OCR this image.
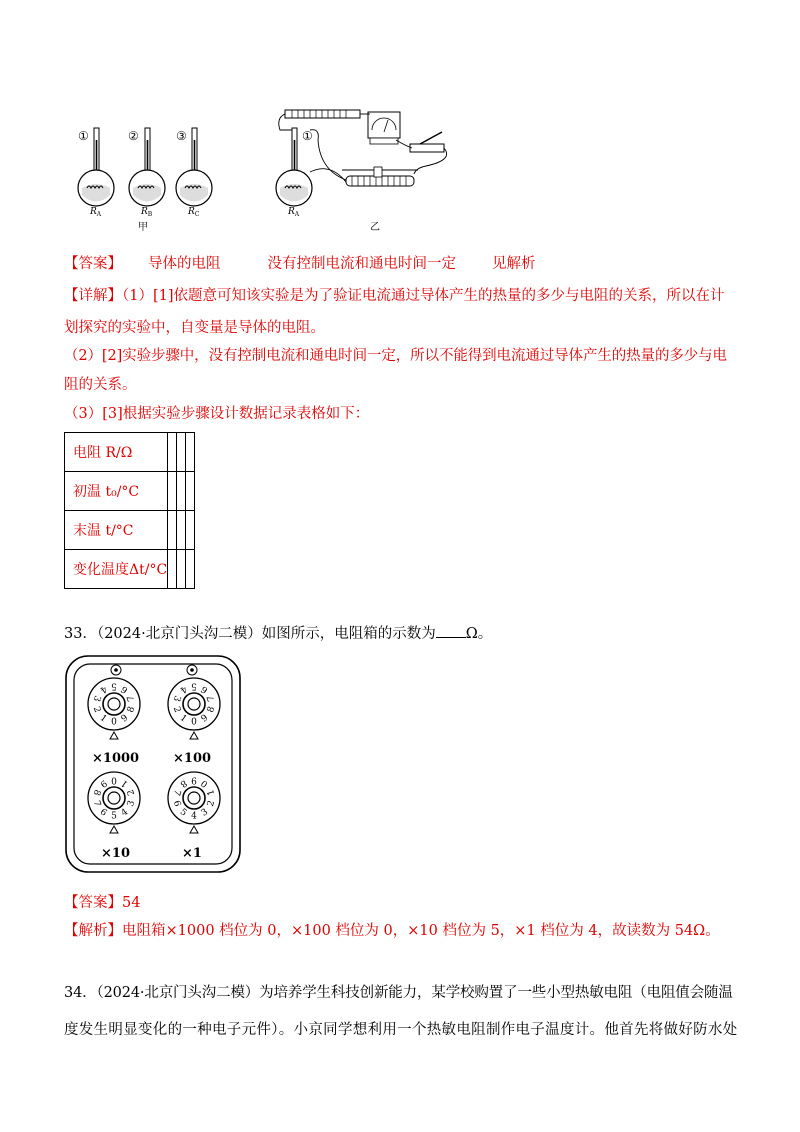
①	②	③
$R_A$	$R_B$	$R_C$
甲
①
$R_A$
乙
【答案】 导体的电阻	没有控制电流和通电时间一定 见解析
【详解】（1）[1]依题意可知该实验是为了验证电流通过导体产生的热量的多少与电阻的关系，所以在计
划探究的实验中，自变量是导体的电阻。
（2）[2]实验步骤中，没有控制电流和通电时间一定，所以不能得到电流通过导体产生的热量的多少与电
阻的关系。
（3）[3]根据实验步骤设计数据记录表格如下：
电阻 R/Ω			
初温 t₀/°C			
末温 t/°C			
变化温度Δt/°C			
33．（2024·北京门头沟二模）如图所示，电阻箱的示数为 Ω。
0
1
2
3
4 5 6
7
8
9	0
1
2
3
4 5 6
7
8
9
0 1
2
3
4
5
6
7
8
9	0
1
2
3
4
5
6
7
8 9
×1000	×100
×10	×1
【答案】54
【解析】电阻箱×1000 档位为 0，×100 档位为 0，×10 档位为 5，×1 档位为 4，故读数为 54Ω。
34．（2024·北京门头沟二模）为培养学生科技创新能力，某学校购置了一些小型热敏电阻（电阻值会随温
度发生明显变化的一种电子元件）。小京同学想利用一个热敏电阻制作电子温度计。他首先将做好防水处
